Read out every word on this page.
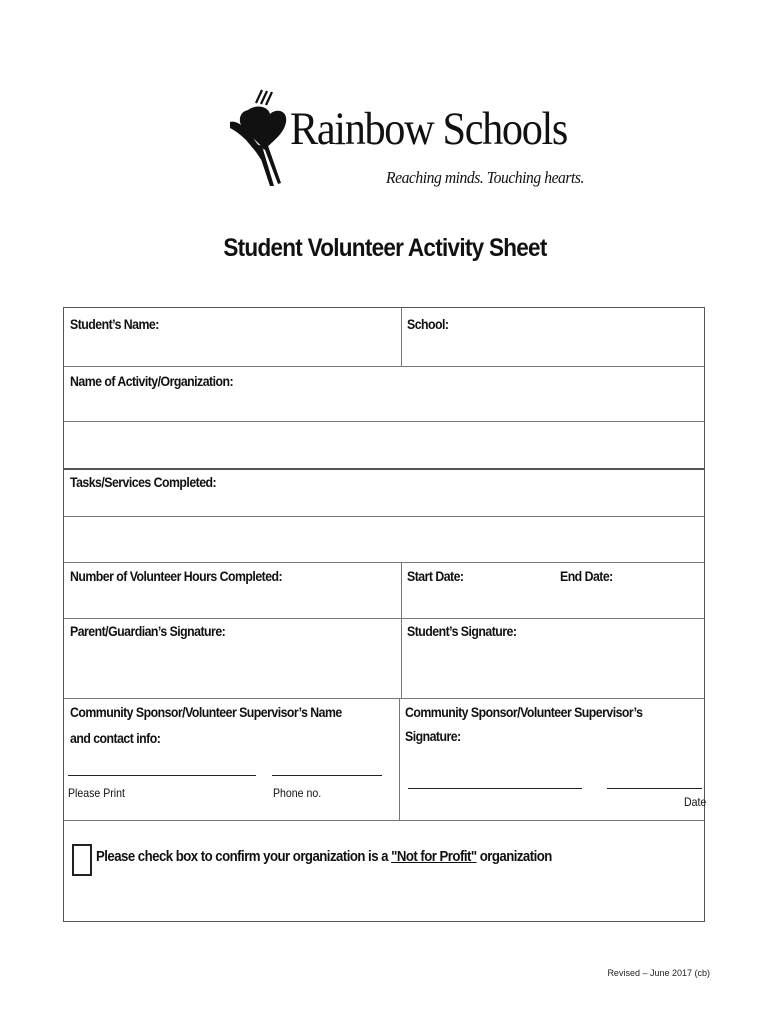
Rainbow Schools
Reaching minds. Touching hearts.
Student Volunteer Activity Sheet
Student’s Name:	School:
Name of Activity/Organization:
Tasks/Services Completed:
Number of Volunteer Hours Completed:	Start Date:	End Date:
Parent/Guardian’s Signature:	Student’s Signature:
Community Sponsor/Volunteer Supervisor’s Name
and contact info:
Community Sponsor/Volunteer Supervisor’s
Signature:
Please Print	Phone no.
Date
Please check box to confirm your organization is a "Not for Profit" organization
Revised – June 2017 (cb)
